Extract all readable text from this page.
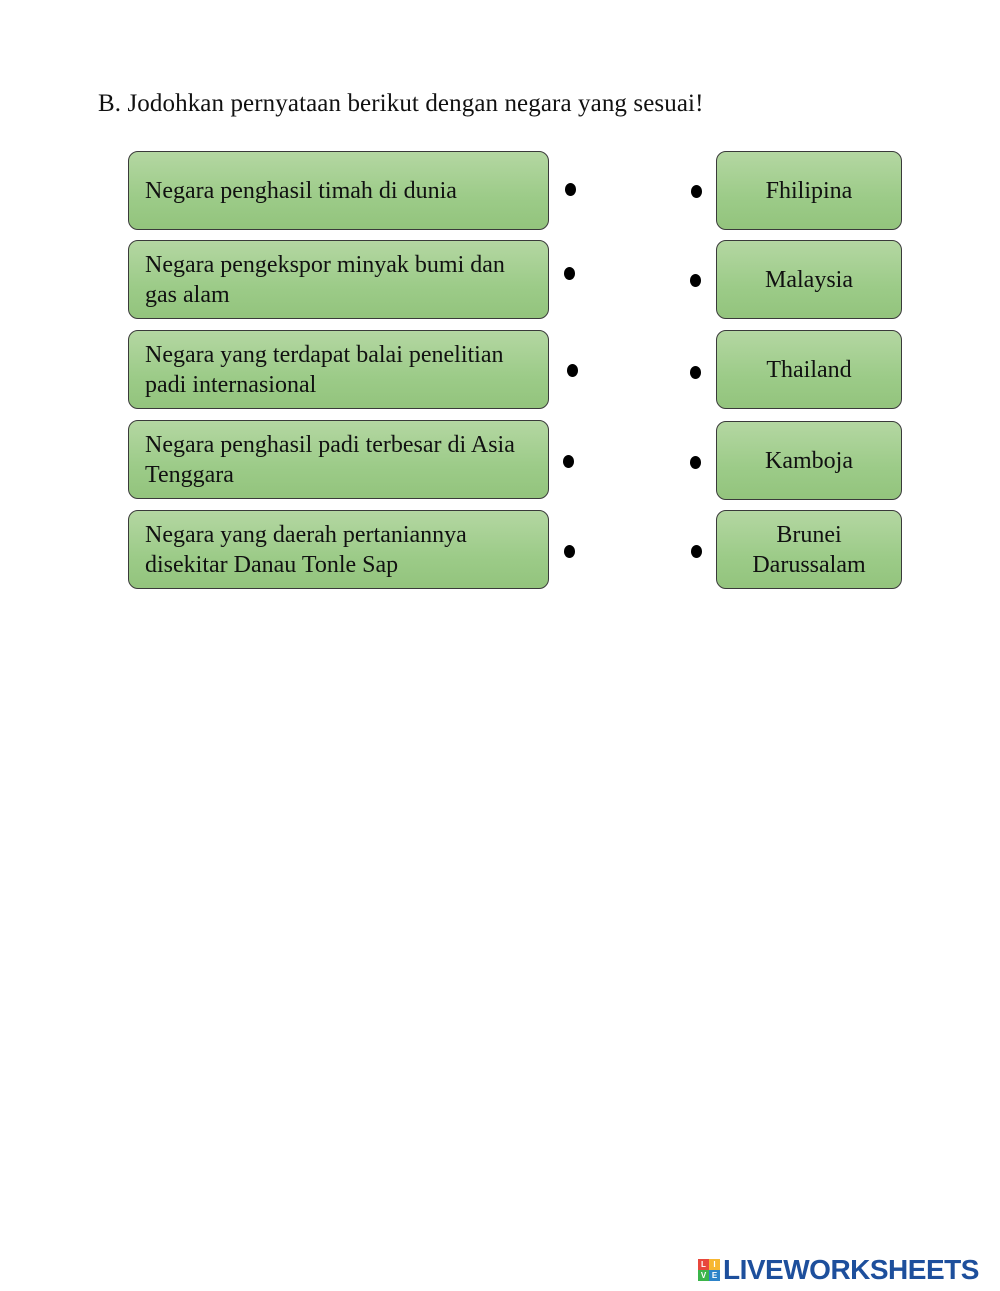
B. Jodohkan pernyataan berikut dengan negara yang sesuai!
Negara penghasil timah di dunia
Negara pengekspor minyak bumi dan gas alam
Negara yang terdapat balai penelitian padi internasional
Negara penghasil padi terbesar di Asia Tenggara
Negara yang daerah pertaniannya disekitar Danau Tonle Sap
Fhilipina
Malaysia
Thailand
Kamboja
Brunei Darussalam
L I
V E LIVEWORKSHEETS
